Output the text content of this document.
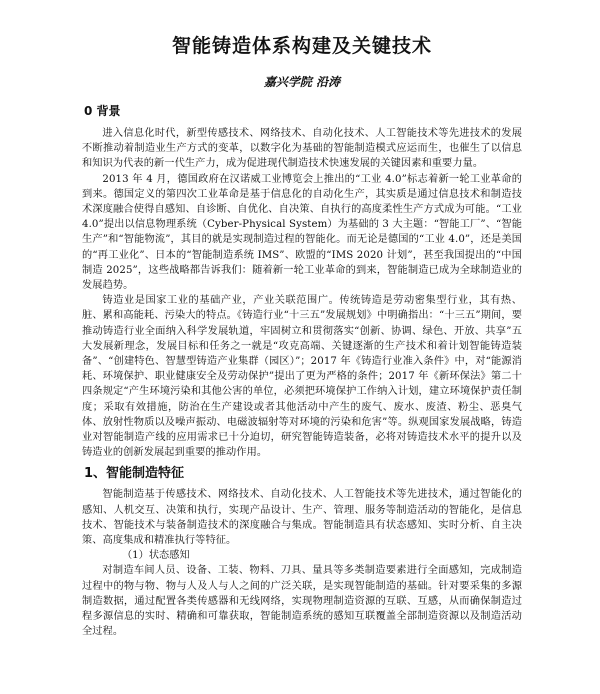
智能铸造体系构建及关键技术
嘉兴学院 沿涛
0 背景

进入信息化时代，新型传感技术、网络技术、自动化技术、人工智能技术等先进技术的发展不断推动着制造业生产方式的变革，以数字化为基础的智能制造模式应运而生，也催生了以信息和知识为代表的新一代生产力，成为促进现代制造技术快速发展的关键因素和重要力量。

2013 年 4 月，德国政府在汉诺威工业博览会上推出的“工业 4.0”标志着新一轮工业革命的到来。德国定义的第四次工业革命是基于信息化的自动化生产，其实质是通过信息技术和制造技术深度融合使得自感知、自诊断、自优化、自决策、自执行的高度柔性生产方式成为可能。“工业 4.0”提出以信息物理系统（Cyber-Physical System）为基础的 3 大主题：“智能工厂”、“智能生产”和“智能物流”，其目的就是实现制造过程的智能化。而无论是德国的“工业 4.0”，还是美国的“再工业化”、日本的“智能制造系统 IMS”、欧盟的“IMS 2020 计划”，甚至我国提出的“中国制造 2025”，这些战略都告诉我们：随着新一轮工业革命的到来，智能制造已成为全球制造业的发展趋势。

铸造业是国家工业的基础产业，产业关联范围广。传统铸造是劳动密集型行业，其有热、脏、累和高能耗、污染大的特点。《铸造行业“十三五”发展规划》中明确指出：“十三五”期间，要推动铸造行业全面纳入科学发展轨道，牢固树立和贯彻落实“创新、协调、绿色、开放、共享”五大发展新理念，发展目标和任务之一就是“攻克高端、关键逐渐的生产技术和着计划智能铸造装备”、“创建特色、智慧型铸造产业集群（园区）”；2017 年《铸造行业准入条件》中，对“能源消耗、环境保护、职业健康安全及劳动保护”提出了更为严格的条件；2017 年《新环保法》第二十四条规定“产生环境污染和其他公害的单位，必须把环境保护工作纳入计划，建立环境保护责任制度；采取有效措施，防治在生产建设或者其他活动中产生的废气、废水、废渣、粉尘、恶臭气体、放射性物质以及噪声振动、电磁波辐射等对环境的污染和危害”等。纵观国家发展战略，铸造业对智能制造产线的应用需求已十分迫切，研究智能铸造装备，必将对铸造技术水平的提升以及铸造业的创新发展起到重要的推动作用。

1、智能制造特征

智能制造基于传感技术、网络技术、自动化技术、人工智能技术等先进技术，通过智能化的感知、人机交互、决策和执行，实现产品设计、生产、管理、服务等制造活动的智能化，是信息技术、智能技术与装备制造技术的深度融合与集成。智能制造具有状态感知、实时分析、自主决策、高度集成和精准执行等特征。

（1）状态感知

对制造车间人员、设备、工装、物料、刀具、量具等多类制造要素进行全面感知，完成制造过程中的物与物、物与人及人与人之间的广泛关联，是实现智能制造的基础。针对要采集的多源制造数据，通过配置各类传感器和无线网络，实现物理制造资源的互联、互感，从而确保制造过程多源信息的实时、精确和可靠获取，智能制造系统的感知互联覆盖全部制造资源以及制造活动全过程。
